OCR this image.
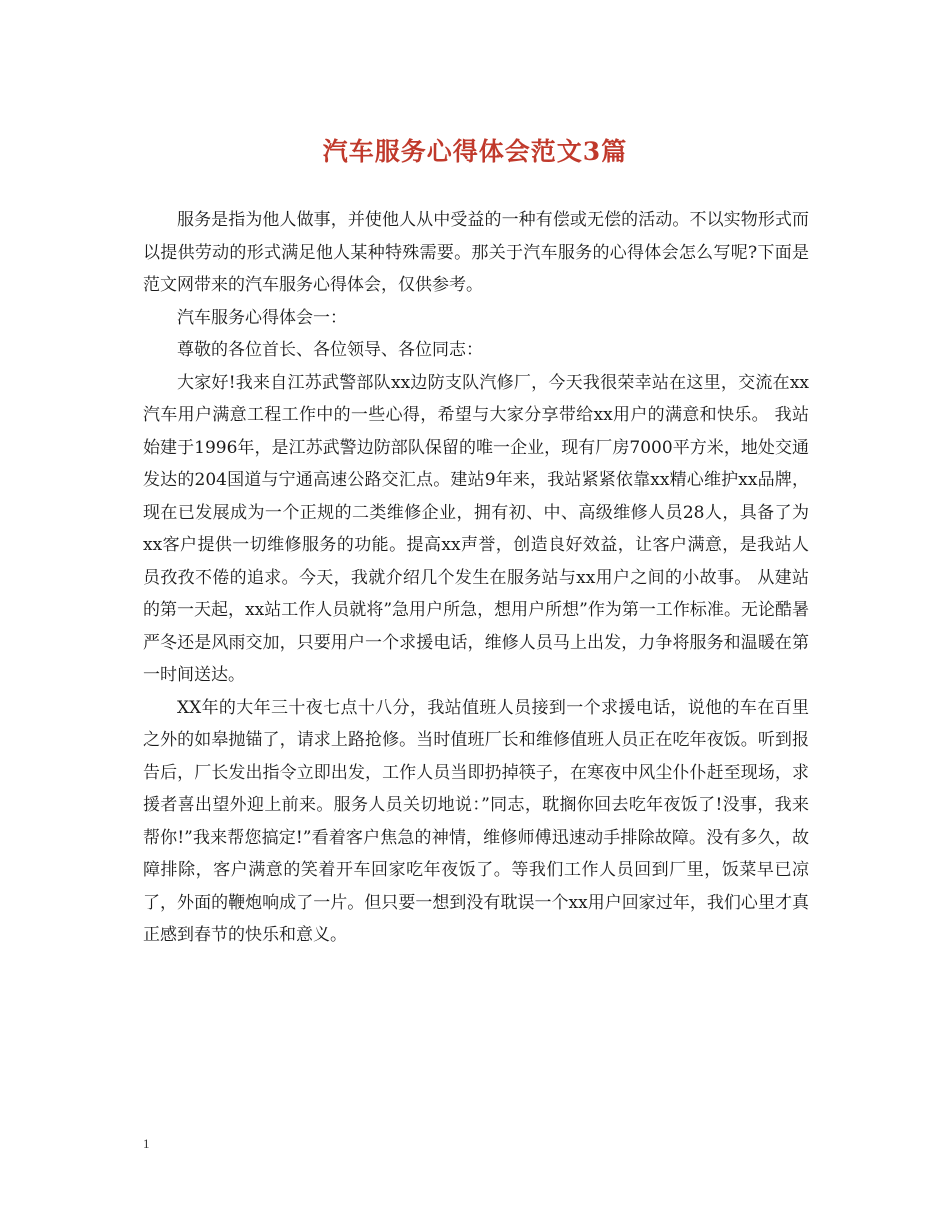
汽车服务心得体会范文3篇

服务是指为他人做事，并使他人从中受益的一种有偿或无偿的活动。不以实物形式而以提供劳动的形式满足他人某种特殊需要。那关于汽车服务的心得体会怎么写呢?下面是范文网带来的汽车服务心得体会，仅供参考。

汽车服务心得体会一：

尊敬的各位首长、各位领导、各位同志：

大家好!我来自江苏武警部队xx边防支队汽修厂，今天我很荣幸站在这里，交流在xx汽车用户满意工程工作中的一些心得，希望与大家分享带给xx用户的满意和快乐。 我站始建于1996年，是江苏武警边防部队保留的唯一企业，现有厂房7000平方米，地处交通发达的204国道与宁通高速公路交汇点。建站9年来，我站紧紧依靠xx精心维护xx品牌，现在已发展成为一个正规的二类维修企业，拥有初、中、高级维修人员28人，具备了为xx客户提供一切维修服务的功能。提高xx声誉，创造良好效益，让客户满意，是我站人员孜孜不倦的追求。今天，我就介绍几个发生在服务站与xx用户之间的小故事。 从建站的第一天起，xx站工作人员就将”急用户所急，想用户所想”作为第一工作标准。无论酷暑严冬还是风雨交加，只要用户一个求援电话，维修人员马上出发，力争将服务和温暖在第一时间送达。

XX年的大年三十夜七点十八分，我站值班人员接到一个求援电话，说他的车在百里之外的如皋抛锚了，请求上路抢修。当时值班厂长和维修值班人员正在吃年夜饭。听到报告后，厂长发出指令立即出发，工作人员当即扔掉筷子，在寒夜中风尘仆仆赶至现场，求援者喜出望外迎上前来。服务人员关切地说：”同志，耽搁你回去吃年夜饭了!没事，我来帮你!”我来帮您搞定!”看着客户焦急的神情，维修师傅迅速动手排除故障。没有多久，故障排除，客户满意的笑着开车回家吃年夜饭了。等我们工作人员回到厂里，饭菜早已凉了，外面的鞭炮响成了一片。但只要一想到没有耽误一个xx用户回家过年，我们心里才真正感到春节的快乐和意义。

1
